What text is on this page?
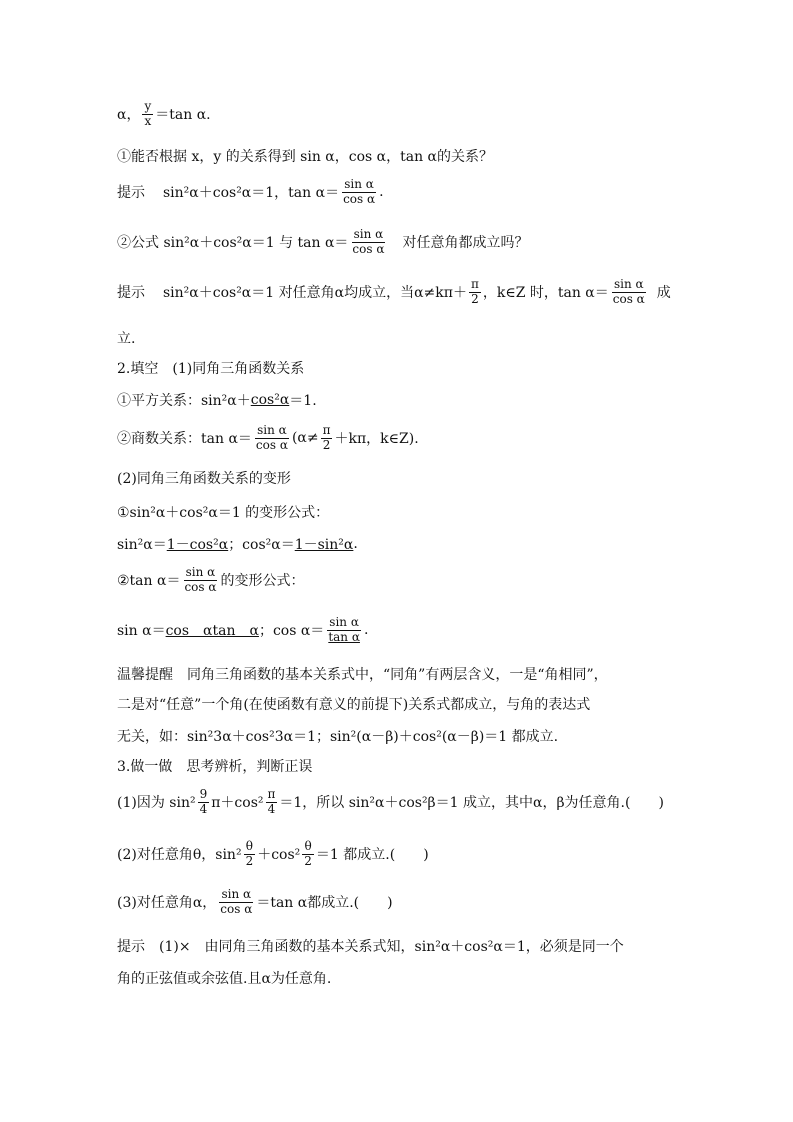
α， $\frac{y}{x} =\tan$ α.
①能否根据 x，y 的关系得到 sin α，cos α，tan α的关系？
提示 sin²α＋cos²α＝1，$\tan \alpha= \frac{\text{sin α}}{\text{cos α}}$ .
②公式 sin²α＋cos²α＝1 与 $\tan \alpha= \frac{\text{sin α}}{\text{cos α}}$ 对任意角都成立吗？
提示 sin²α＋cos²α＝1 对任意角α均成立，当$\alpha\ne k\pi+ \frac{\pi}{2}$ ，k∈Z 时，$\tan \alpha= \frac{\text{sin α}}{\text{cos α}}$ 成
立.
2.填空　(1)同角三角函数关系
①平方关系：sin²α＋ cos²α ＝1.
②商数关系：$\tan \alpha= \frac{\text{sin α}}{\text{cos α}} (\alpha\ne \frac{\pi}{2} +k\pi$，k∈Z).
(2)同角三角函数关系的变形
①sin²α＋cos²α＝1 的变形公式：
sin²α＝ 1－cos²α ；cos²α＝ 1－sin²α .
②tan $\alpha= \frac{\text{sin α}}{\text{cos α}}$ 的变形公式：
sin α＝ cos　αtan　α ；$\cos \alpha= \frac{\text{sin α}}{\text{tan α}}$ .
温馨提醒　同角三角函数的基本关系式中，“同角”有两层含义，一是“角相同”，
二是对“任意”一个角(在使函数有意义的前提下)关系式都成立，与角的表达式
无关，如：sin²3α＋cos²3α＝1；sin²(α－β)＋cos²(α－β)＝1 都成立.
3.做一做　思考辨析，判断正误
(1)因为 $\sin^2 \frac{9}{4} \pi+\cos^2 \frac{\pi}{4} =1$，所以 sin²α＋cos²β＝1 成立，其中α，β为任意角.(　　)
(2)对任意角θ，$\sin^2 \frac{\theta}{2} +\cos^2 \frac{\theta}{2} =1$ 都成立.(　　)
(3)对任意角α， $\frac{\text{sin α}}{\text{cos α}} =\tan$ α都成立.(　　)
提示　(1)×　由同角三角函数的基本关系式知，sin²α＋cos²α＝1，必须是同一个
角的正弦值或余弦值.且α为任意角.
